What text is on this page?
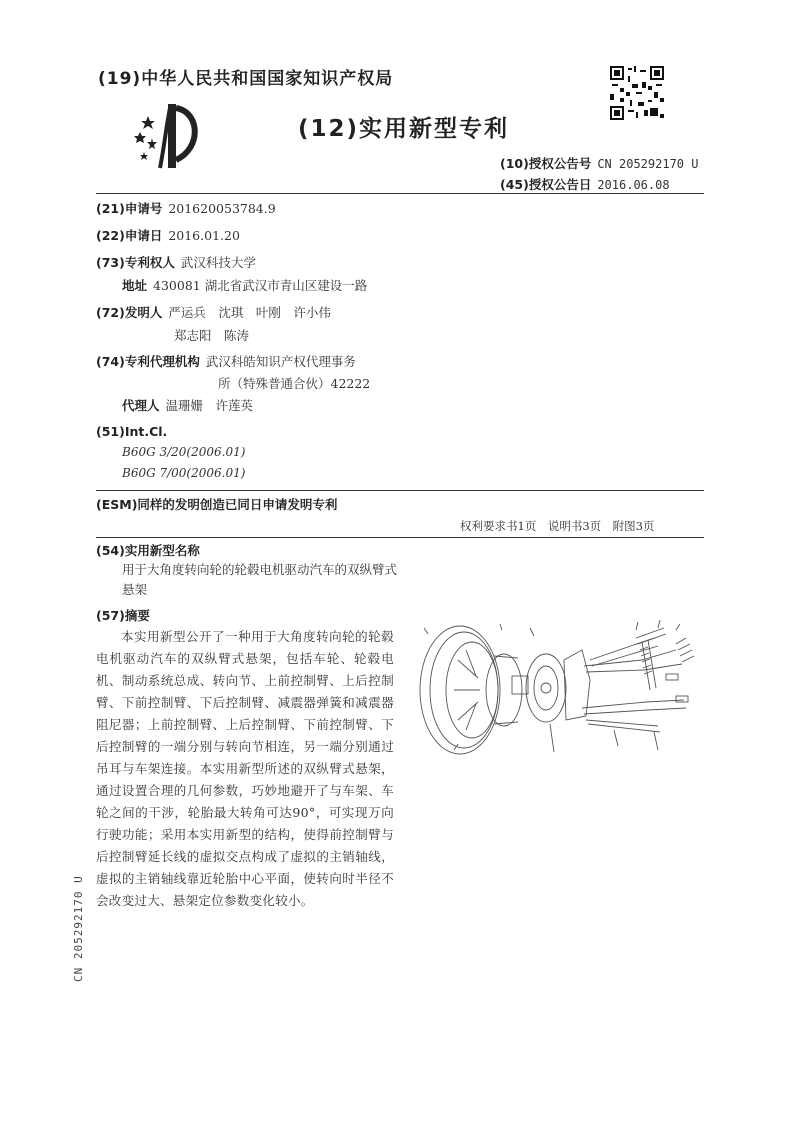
(19)中华人民共和国国家知识产权局
(12)实用新型专利
(10)授权公告号 CN 205292170 U
(45)授权公告日 2016.06.08
(21)申请号 201620053784.9
(22)申请日 2016.01.20
(73)专利权人 武汉科技大学
地址 430081 湖北省武汉市青山区建设一路
(72)发明人 严运兵　沈琪　叶刚　许小伟
郑志阳　陈涛
(74)专利代理机构 武汉科皓知识产权代理事务
所（特殊普通合伙）42222
代理人 温珊姗　许莲英
(51)Int.Cl.
B60G 3/20(2006.01)
B60G 7/00(2006.01)
(ESM)同样的发明创造已同日申请发明专利
权利要求书1页　说明书3页　附图3页
(54)实用新型名称
用于大角度转向轮的轮毂电机驱动汽车的双纵臂式悬架
(57)摘要
本实用新型公开了一种用于大角度转向轮的轮毂电机驱动汽车的双纵臂式悬架，包括车轮、轮毂电机、制动系统总成、转向节、上前控制臂、上后控制臂、下前控制臂、下后控制臂、减震器弹簧和减震器阻尼器；上前控制臂、上后控制臂、下前控制臂、下后控制臂的一端分别与转向节相连，另一端分别通过吊耳与车架连接。本实用新型所述的双纵臂式悬架，通过设置合理的几何参数，巧妙地避开了与车架、车轮之间的干涉，轮胎最大转角可达90°，可实现万向行驶功能；采用本实用新型的结构，使得前控制臂与后控制臂延长线的虚拟交点构成了虚拟的主销轴线，虚拟的主销轴线靠近轮胎中心平面，使转向时半径不会改变过大、悬架定位参数变化较小。
CN 205292170 U
